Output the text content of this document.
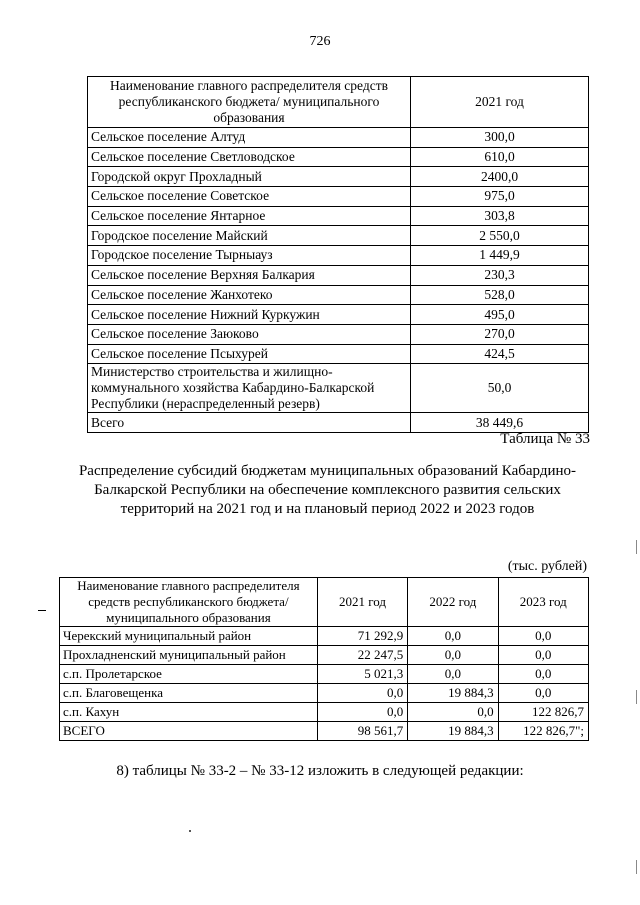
726
Наименование главного распределителя средств республиканского бюджета/ муниципального образования	2021 год
Сельское поселение Алтуд	300,0
Сельское поселение Светловодское	610,0
Городской округ Прохладный	2400,0
Сельское поселение Советское	975,0
Сельское поселение Янтарное	303,8
Городское поселение Майский	2 550,0
Городское поселение Тырныауз	1 449,9
Сельское поселение Верхняя Балкария	230,3
Сельское поселение Жанхотеко	528,0
Сельское поселение Нижний Куркужин	495,0
Сельское поселение Заюково	270,0
Сельское поселение Псыхурей	424,5
Министерство строительства и жилищно-коммунального хозяйства Кабардино-Балкарской Республики (нераспределенный резерв)	50,0
Всего	38 449,6
Таблица № 33
Распределение субсидий бюджетам муниципальных образований Кабардино-Балкарской Республики на обеспечение комплексного развития сельских территорий на 2021 год и на плановый период 2022 и 2023 годов
(тыс. рублей)
Наименование главного распределителя средств республиканского бюджета/ муниципального образования	2021 год	2022 год	2023 год
Черекский муниципальный район	71 292,9	0,0	0,0
Прохладненский муниципальный район	22 247,5	0,0	0,0
с.п. Пролетарское	5 021,3	0,0	0,0
с.п. Благовещенка	0,0	19 884,3	0,0
с.п. Кахун	0,0	0,0	122 826,7
ВСЕГО	98 561,7	19 884,3	122 826,7";
8) таблицы № 33-2 – № 33-12 изложить в следующей редакции:
